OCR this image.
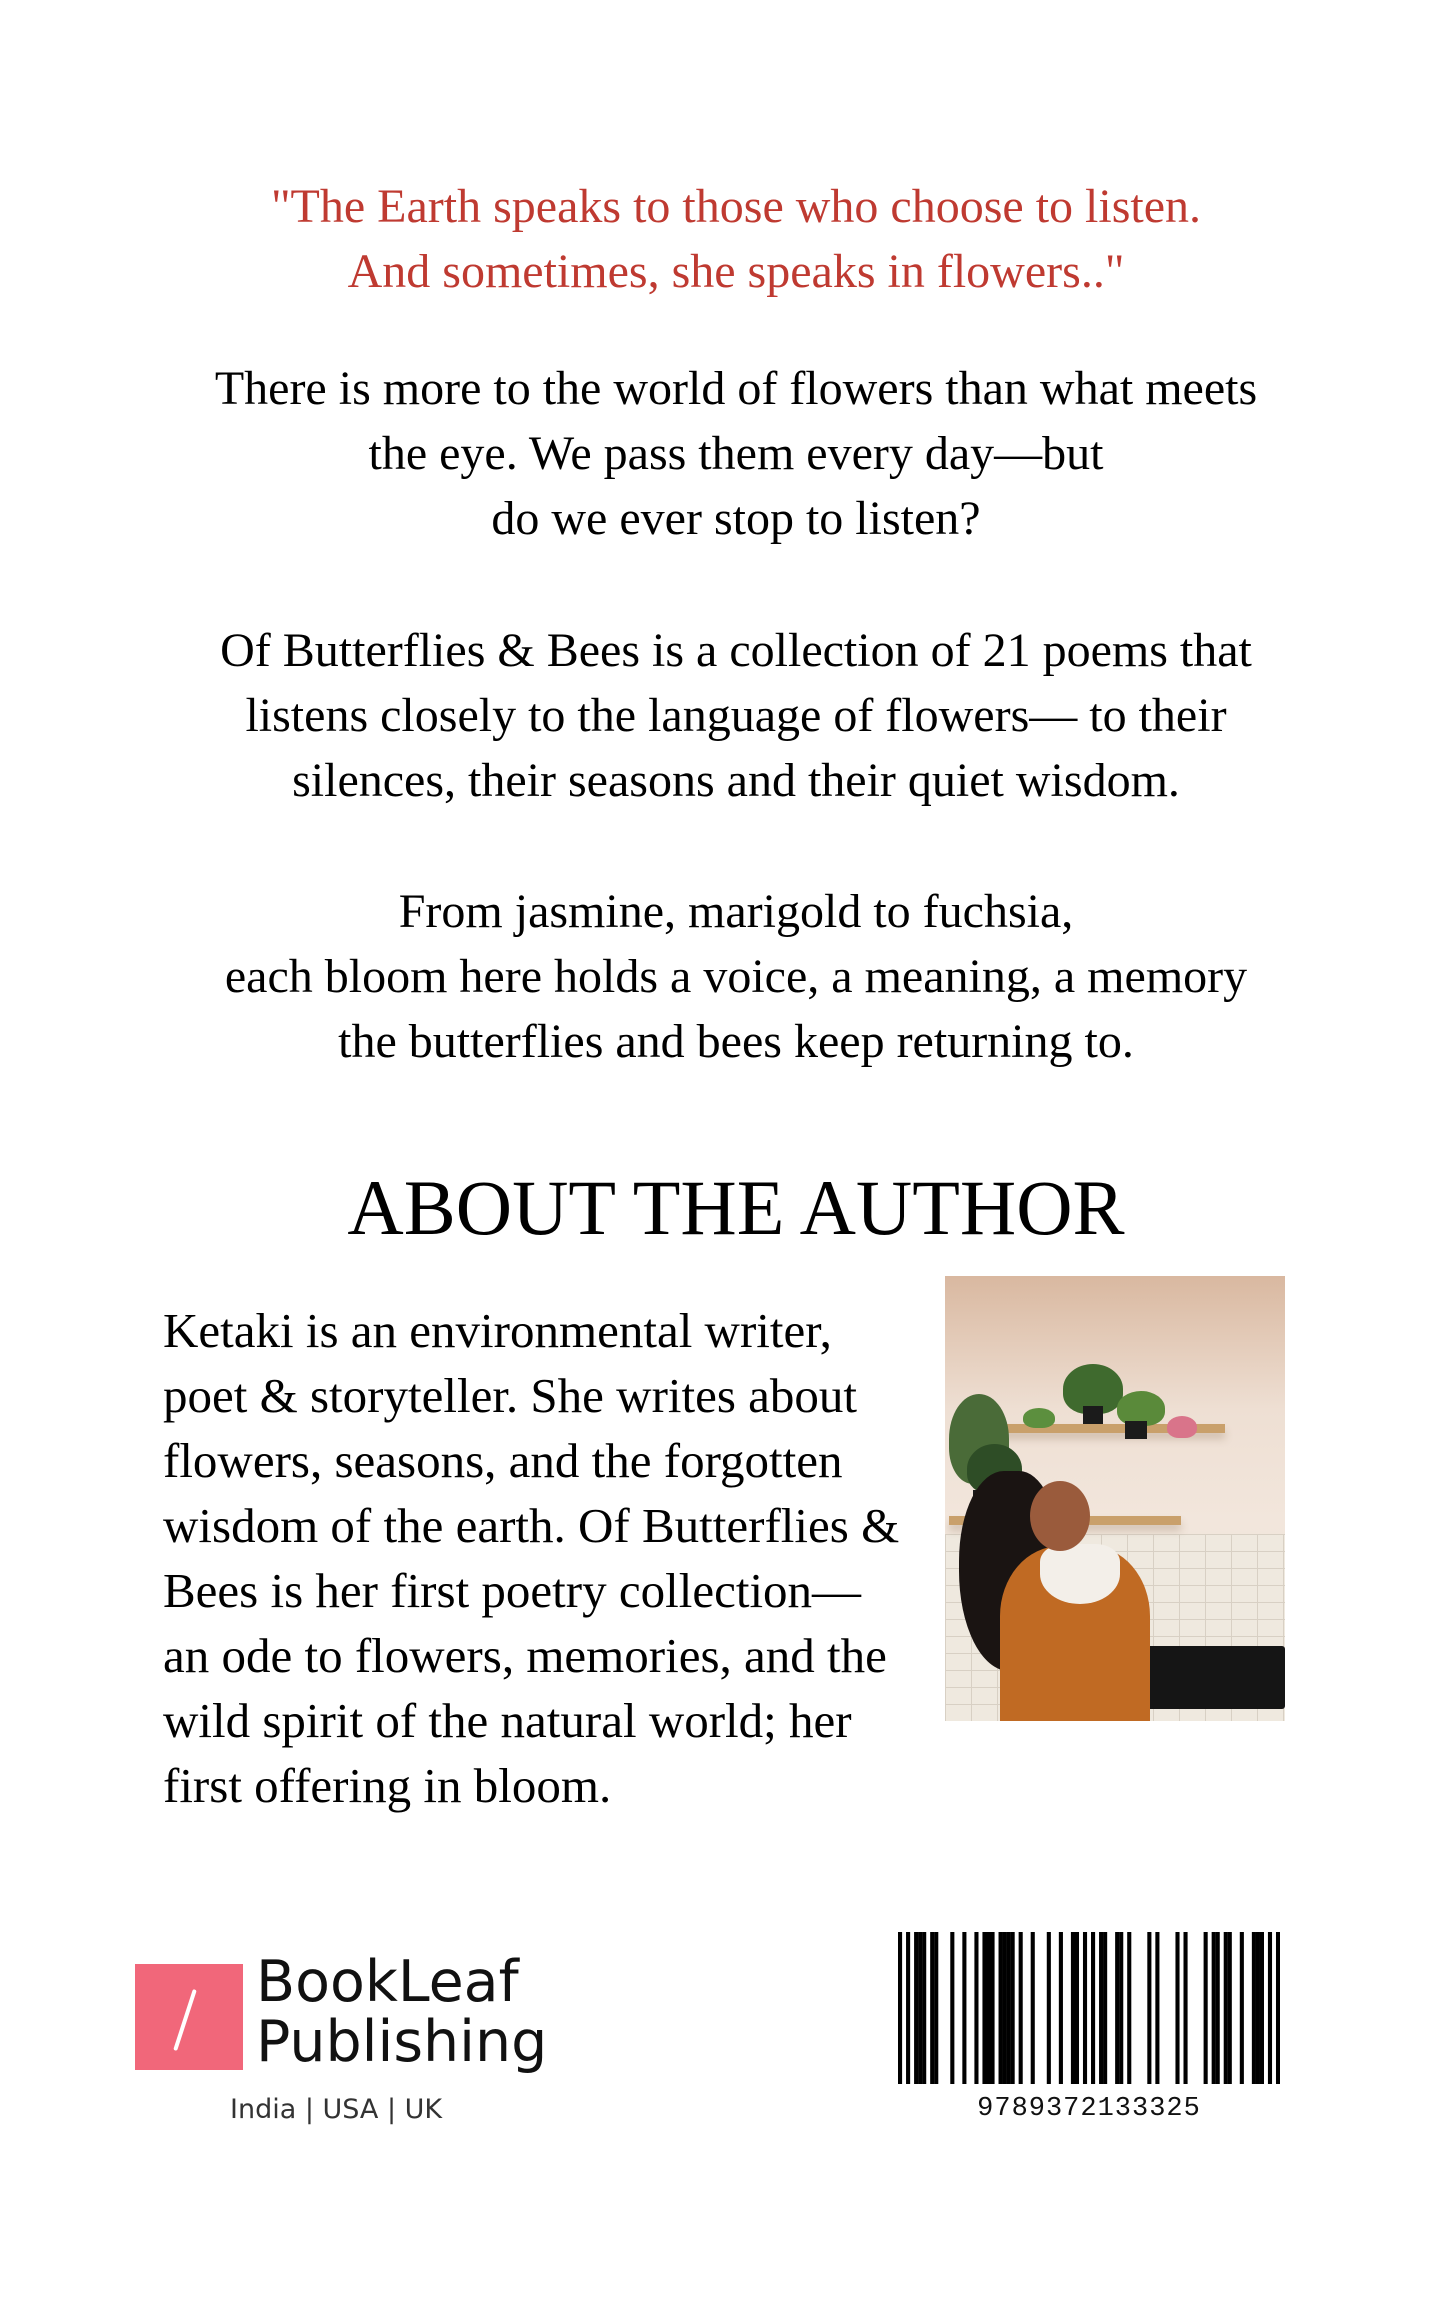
"The Earth speaks to those who choose to listen.
And sometimes, she speaks in flowers.."
There is more to the world of flowers than what meets
the eye. We pass them every day—but
do we ever stop to listen?
Of Butterflies & Bees is a collection of 21 poems that
listens closely to the language of flowers— to their
silences, their seasons and their quiet wisdom.
From jasmine, marigold to fuchsia,
each bloom here holds a voice, a meaning, a memory
the butterflies and bees keep returning to.
ABOUT THE AUTHOR
Ketaki is an environmental writer,
poet & storyteller. She writes about
flowers, seasons, and the forgotten
wisdom of the earth. Of Butterflies &
Bees is her first poetry collection—
an ode to flowers, memories, and the
wild spirit of the natural world; her
first offering in bloom.
BookLeaf
Publishing
India | USA | UK	9789372133325
